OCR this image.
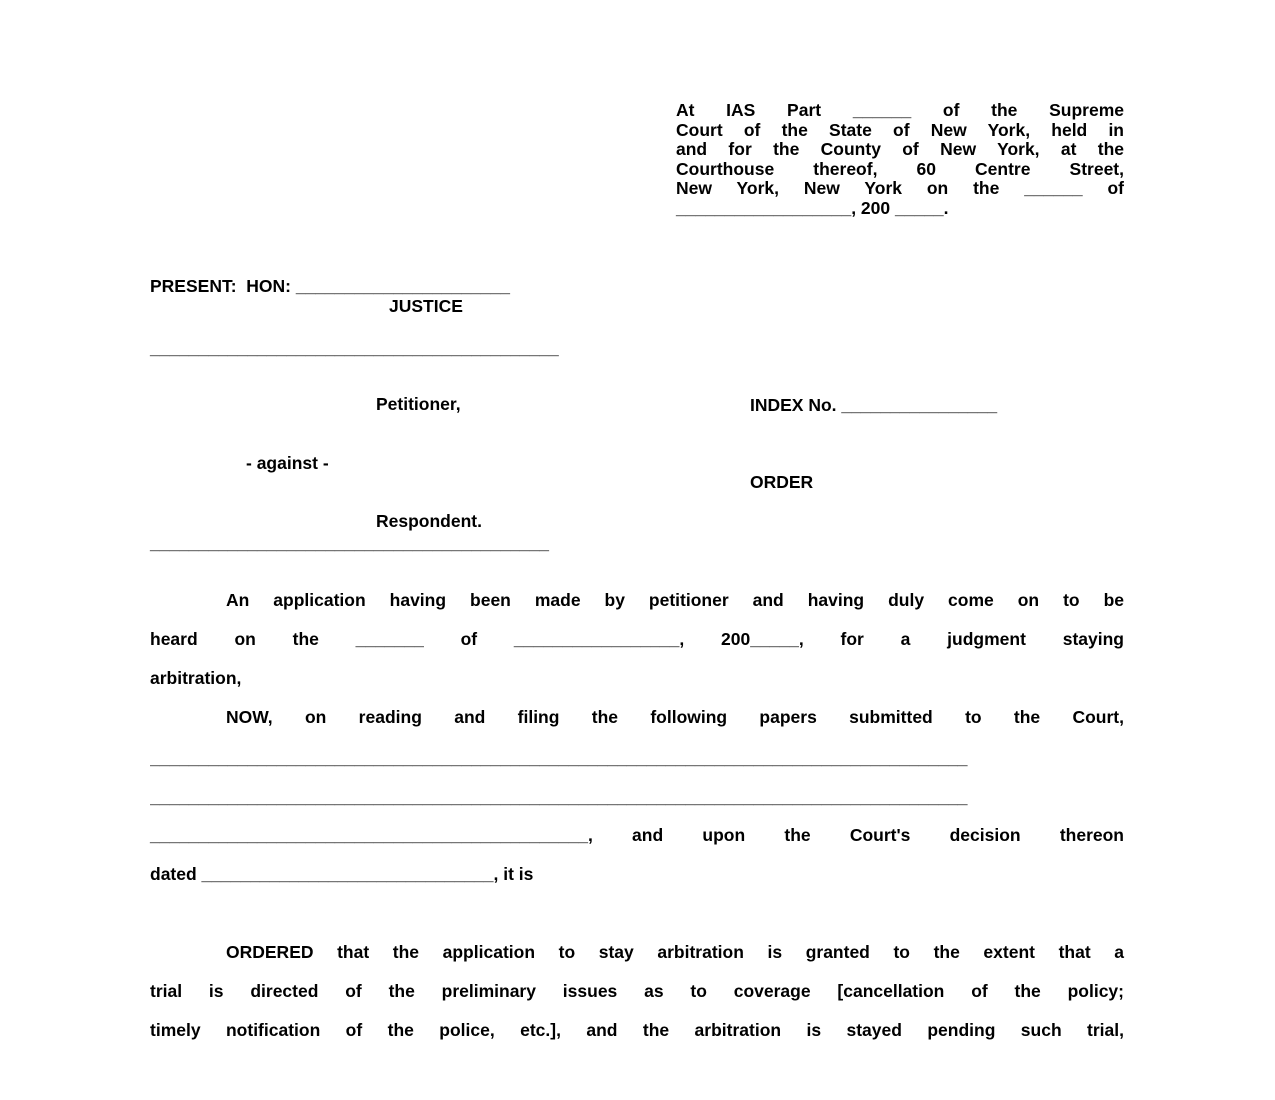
At IAS Part ______ of the Supreme
Court of the State of New York, held in
and for the County of New York, at the
Courthouse thereof, 60 Centre Street,
New York, New York on the ______ of
__________________, 200 _____.
PRESENT:  HON: ______________________
JUSTICE
__________________________________________
Petitioner,
- against -
Respondent.
_________________________________________
INDEX No. ________________
ORDER
An application having been made by petitioner and having duly come on to be
heard on the _______ of _________________, 200_____, for a judgment staying
arbitration,
NOW, on reading and filing the following papers submitted to the Court,
____________________________________________________________________________________
____________________________________________________________________________________
_____________________________________________, and upon the Court's decision thereon
dated ______________________________, it is
ORDERED that the application to stay arbitration is granted to the extent that a
trial is directed of the preliminary issues as to coverage [cancellation of the policy;
timely notification of the police, etc.], and the arbitration is stayed pending such trial,
